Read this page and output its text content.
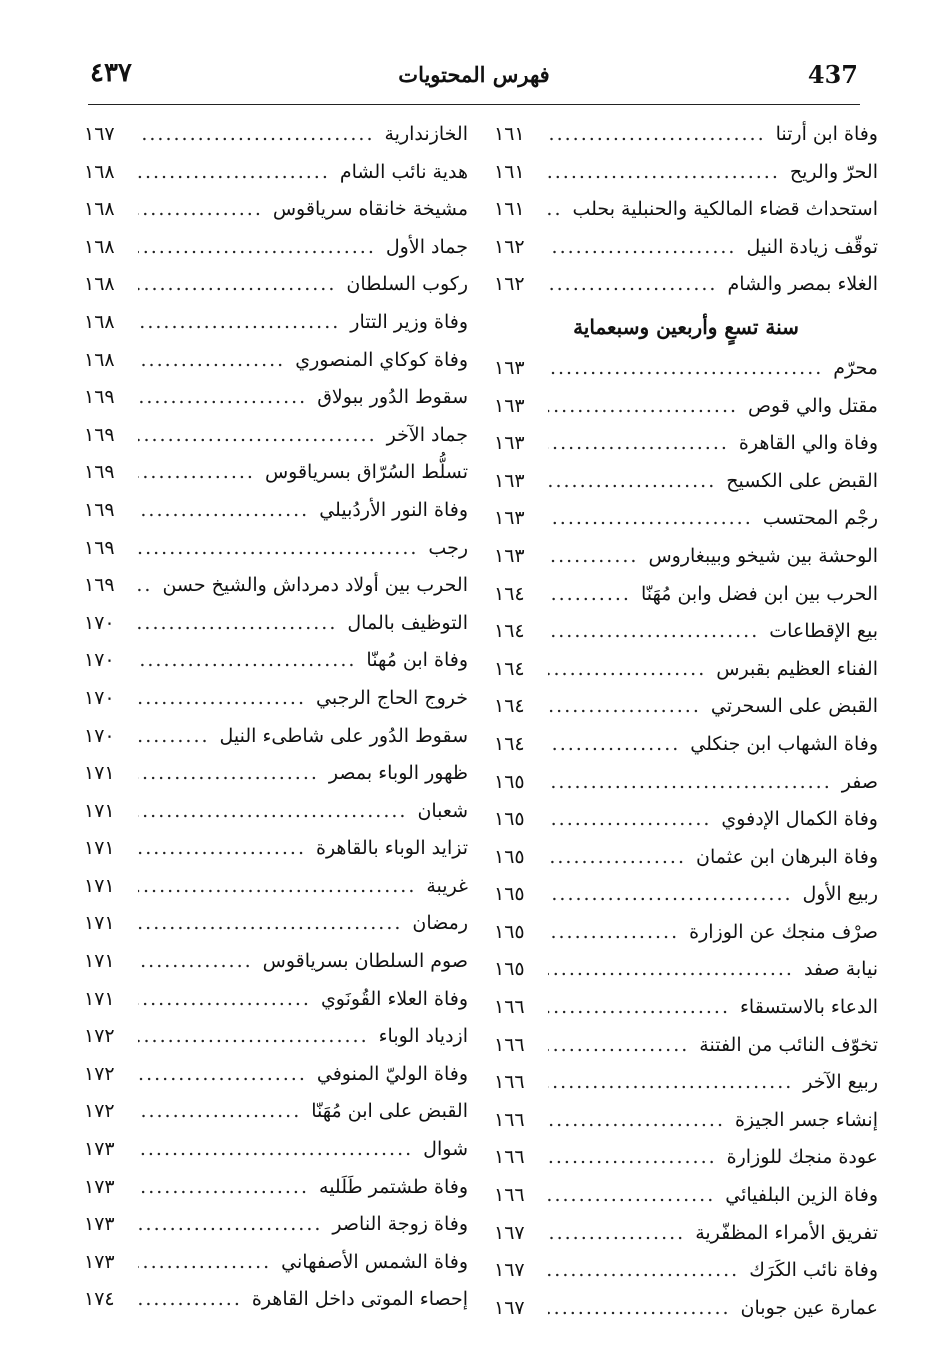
437
فهرس المحتويات
٤٣٧
وفاة ابن أرتنا
.....
١٦١
الحرّ والريح
.....
١٦١
استحداث قضاء المالكية والحنبلية بحلب
.....
١٦١
توقّف زيادة النيل
.....
١٦٢
الغلاء بمصر والشام
.....
١٦٢
سنة تسعٍ وأربعين وسبعماية
محرّم
.....
١٦٣
مقتل والي قوص
.....
١٦٣
وفاة والي القاهرة
.....
١٦٣
القبض على الكسيح
.....
١٦٣
رجْم المحتسب
.....
١٦٣
الوحشة بين شيخو وبيبغاروس
.....
١٦٣
الحرب بين ابن فضل وابن مُهَنّا
.....
١٦٤
بيع الإقطاعات
.....
١٦٤
الفناء العظيم بقبرس
.....
١٦٤
القبض على السحرتي
.....
١٦٤
وفاة الشهاب ابن جنكلي
.....
١٦٤
صفر
.....
١٦٥
وفاة الكمال الإدفوي
.....
١٦٥
وفاة البرهان ابن عثمان
.....
١٦٥
ربيع الأول
.....
١٦٥
صرْف منجك عن الوزارة
.....
١٦٥
نيابة صفد
.....
١٦٥
الدعاء بالاستسقاء
.....
١٦٦
تخوّف النائب من الفتنة
.....
١٦٦
ربيع الآخر
.....
١٦٦
إنشاء جسر الجيزة
.....
١٦٦
عودة منجك للوزارة
.....
١٦٦
وفاة الزين البلفيائي
.....
١٦٦
تفريق الأمراء المظفّرية
.....
١٦٧
وفاة نائب الكَرَك
.....
١٦٧
عمارة عين جوبان
.....
١٦٧
الخازندارية
.....
١٦٧
هدية نائب الشام
.....
١٦٨
مشيخة خانقاه سرياقوس
.....
١٦٨
جماد الأول
.....
١٦٨
ركوب السلطان
.....
١٦٨
وفاة وزير التتار
.....
١٦٨
وفاة كوكاي المنصوري
.....
١٦٨
سقوط الدُور ببولاق
.....
١٦٩
جماد الآخر
.....
١٦٩
تسلُّط السُرّاق بسرياقوس
.....
١٦٩
وفاة النور الأردُبيلي
.....
١٦٩
رجب
.....
١٦٩
الحرب بين أولاد دمرداش والشيخ حسن
.....
١٦٩
التوظيف بالمال
.....
١٧٠
وفاة ابن مُهنّا
.....
١٧٠
خروج الحاج الرجبي
.....
١٧٠
سقوط الدُور على شاطىء النيل
.....
١٧٠
ظهور الوباء بمصر
.....
١٧١
شعبان
.....
١٧١
تزايد الوباء بالقاهرة
.....
١٧١
غريبة
.....
١٧١
رمضان
.....
١٧١
صوم السلطان بسرياقوس
.....
١٧١
وفاة العلاء القُونَوي
.....
١٧١
ازدياد الوباء
.....
١٧٢
وفاة الوليّ المنوفي
.....
١٧٢
القبض على ابن مُهَنّا
.....
١٧٢
شوال
.....
١٧٣
وفاة طشتمر طَلَليه
.....
١٧٣
وفاة زوجة الناصر
.....
١٧٣
وفاة الشمس الأصفهاني
.....
١٧٣
إحصاء الموتى داخل القاهرة
.....
١٧٤
